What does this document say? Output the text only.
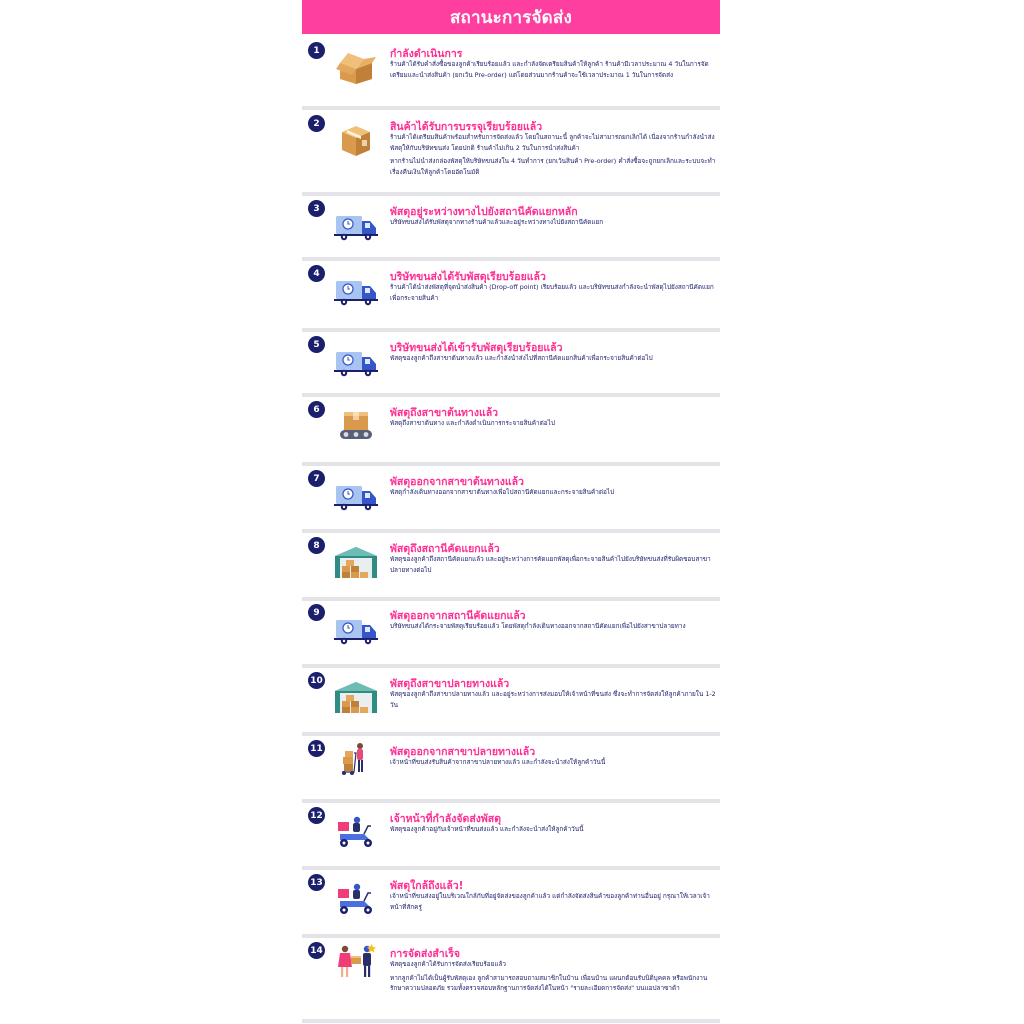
สถานะการจัดส่ง
1	กำลังดำเนินการ

ร้านค้าได้รับคำสั่งซื้อของลูกค้าเรียบร้อยแล้ว และกำลังจัดเตรียมสินค้าให้ลูกค้า ร้านค้ามีเวลาประมาณ 4 วันในการจัดเตรียมและนำส่งสินค้า (ยกเว้น Pre-order) แต่โดยส่วนมากร้านค้าจะใช้เวลาประมาณ 1 วันในการจัดส่ง

2	สินค้าได้รับการบรรจุเรียบร้อยแล้ว

ร้านค้าได้เตรียมสินค้าพร้อมสำหรับการจัดส่งแล้ว โดยในสถานะนี้ ลูกค้าจะไม่สามารถยกเลิกได้ เนื่องจากร้านกำลังนำส่งพัสดุให้กับบริษัทขนส่ง โดยปกติ ร้านค้าไม่เกิน 2 วันในการนำส่งสินค้า

หากร้านไม่นำส่งกล่องพัสดุให้บริษัทขนส่งใน 4 วันทำการ (ยกเว้นสินค้า Pre-order) คำสั่งซื้อจะถูกยกเลิกและระบบจะทำเรื่องคืนเงินให้ลูกค้าโดยอัตโนมัติ

3	พัสดุอยู่ระหว่างทางไปยังสถานีคัดแยกหลัก

บริษัทขนส่งได้รับพัสดุจากทางร้านค้าแล้วและอยู่ระหว่างทางไปยังสถานีคัดแยก

4	บริษัทขนส่งได้รับพัสดุเรียบร้อยแล้ว

ร้านค้าได้นำส่งพัสดุที่จุดนำส่งสินค้า (Drop-off point) เรียบร้อยแล้ว และบริษัทขนส่งกำลังจะนำพัสดุไปยังสถานีคัดแยกเพื่อกระจายสินค้า

5	บริษัทขนส่งได้เข้ารับพัสดุเรียบร้อยแล้ว

พัสดุของลูกค้าถึงสาขาต้นทางแล้ว และกำลังนำส่งไปที่สถานีคัดแยกสินค้าเพื่อกระจายสินค้าต่อไป

6	พัสดุถึงสาขาต้นทางแล้ว

พัสดุถึงสาขาต้นทาง และกำลังดำเนินการกระจายสินค้าต่อไป

7	พัสดุออกจากสาขาต้นทางแล้ว

พัสดุกำลังเดินทางออกจากสาขาต้นทางเพื่อไปสถานีคัดแยกและกระจายสินค้าต่อไป

8	พัสดุถึงสถานีคัดแยกแล้ว

พัสดุของลูกค้าถึงสถานีคัดแยกแล้ว และอยู่ระหว่างการคัดแยกพัสดุเพื่อกระจายสินค้าไปยังบริษัทขนส่งที่รับผิดชอบสาขาปลายทางต่อไป

9	พัสดุออกจากสถานีคัดแยกแล้ว

บริษัทขนส่งได้กระจายพัสดุเรียบร้อยแล้ว โดยพัสดุกำลังเดินทางออกจากสถานีคัดแยกเพื่อไปยังสาขาปลายทาง

10	พัสดุถึงสาขาปลายทางแล้ว

พัสดุของลูกค้าถึงสาขาปลายทางแล้ว และอยู่ระหว่างการส่งมอบให้เจ้าหน้าที่ขนส่ง ซึ่งจะทำการจัดส่งให้ลูกค้าภายใน 1-2 วัน

11	พัสดุออกจากสาขาปลายทางแล้ว

เจ้าหน้าที่ขนส่งรับสินค้าจากสาขาปลายทางแล้ว และกำลังจะนำส่งให้ลูกค้าวันนี้

12	เจ้าหน้าที่กำลังจัดส่งพัสดุ

พัสดุของลูกค้าอยู่กับเจ้าหน้าที่ขนส่งแล้ว และกำลังจะนำส่งให้ลูกค้าวันนี้

13	พัสดุใกล้ถึงแล้ว!

เจ้าหน้าที่ขนส่งอยู่ในบริเวณใกล้กับที่อยู่จัดส่งของลูกค้าแล้ว แต่กำลังจัดส่งสินค้าของลูกค้าท่านอื่นอยู่ กรุณาให้เวลาเจ้าหน้าที่สักครู่

14	การจัดส่งสำเร็จ

พัสดุของลูกค้าได้รับการจัดส่งเรียบร้อยแล้ว

หากลูกค้าไม่ได้เป็นผู้รับพัสดุเอง ลูกค้าสามารถสอบถามสมาชิกในบ้าน เพื่อนบ้าน แผนกต้อนรับนิติบุคคล หรือพนักงานรักษาความปลอดภัย รวมทั้งตรวจสอบหลักฐานการจัดส่งได้ในหน้า "รายละเอียดการจัดส่ง" บนแอปลาซาด้า
